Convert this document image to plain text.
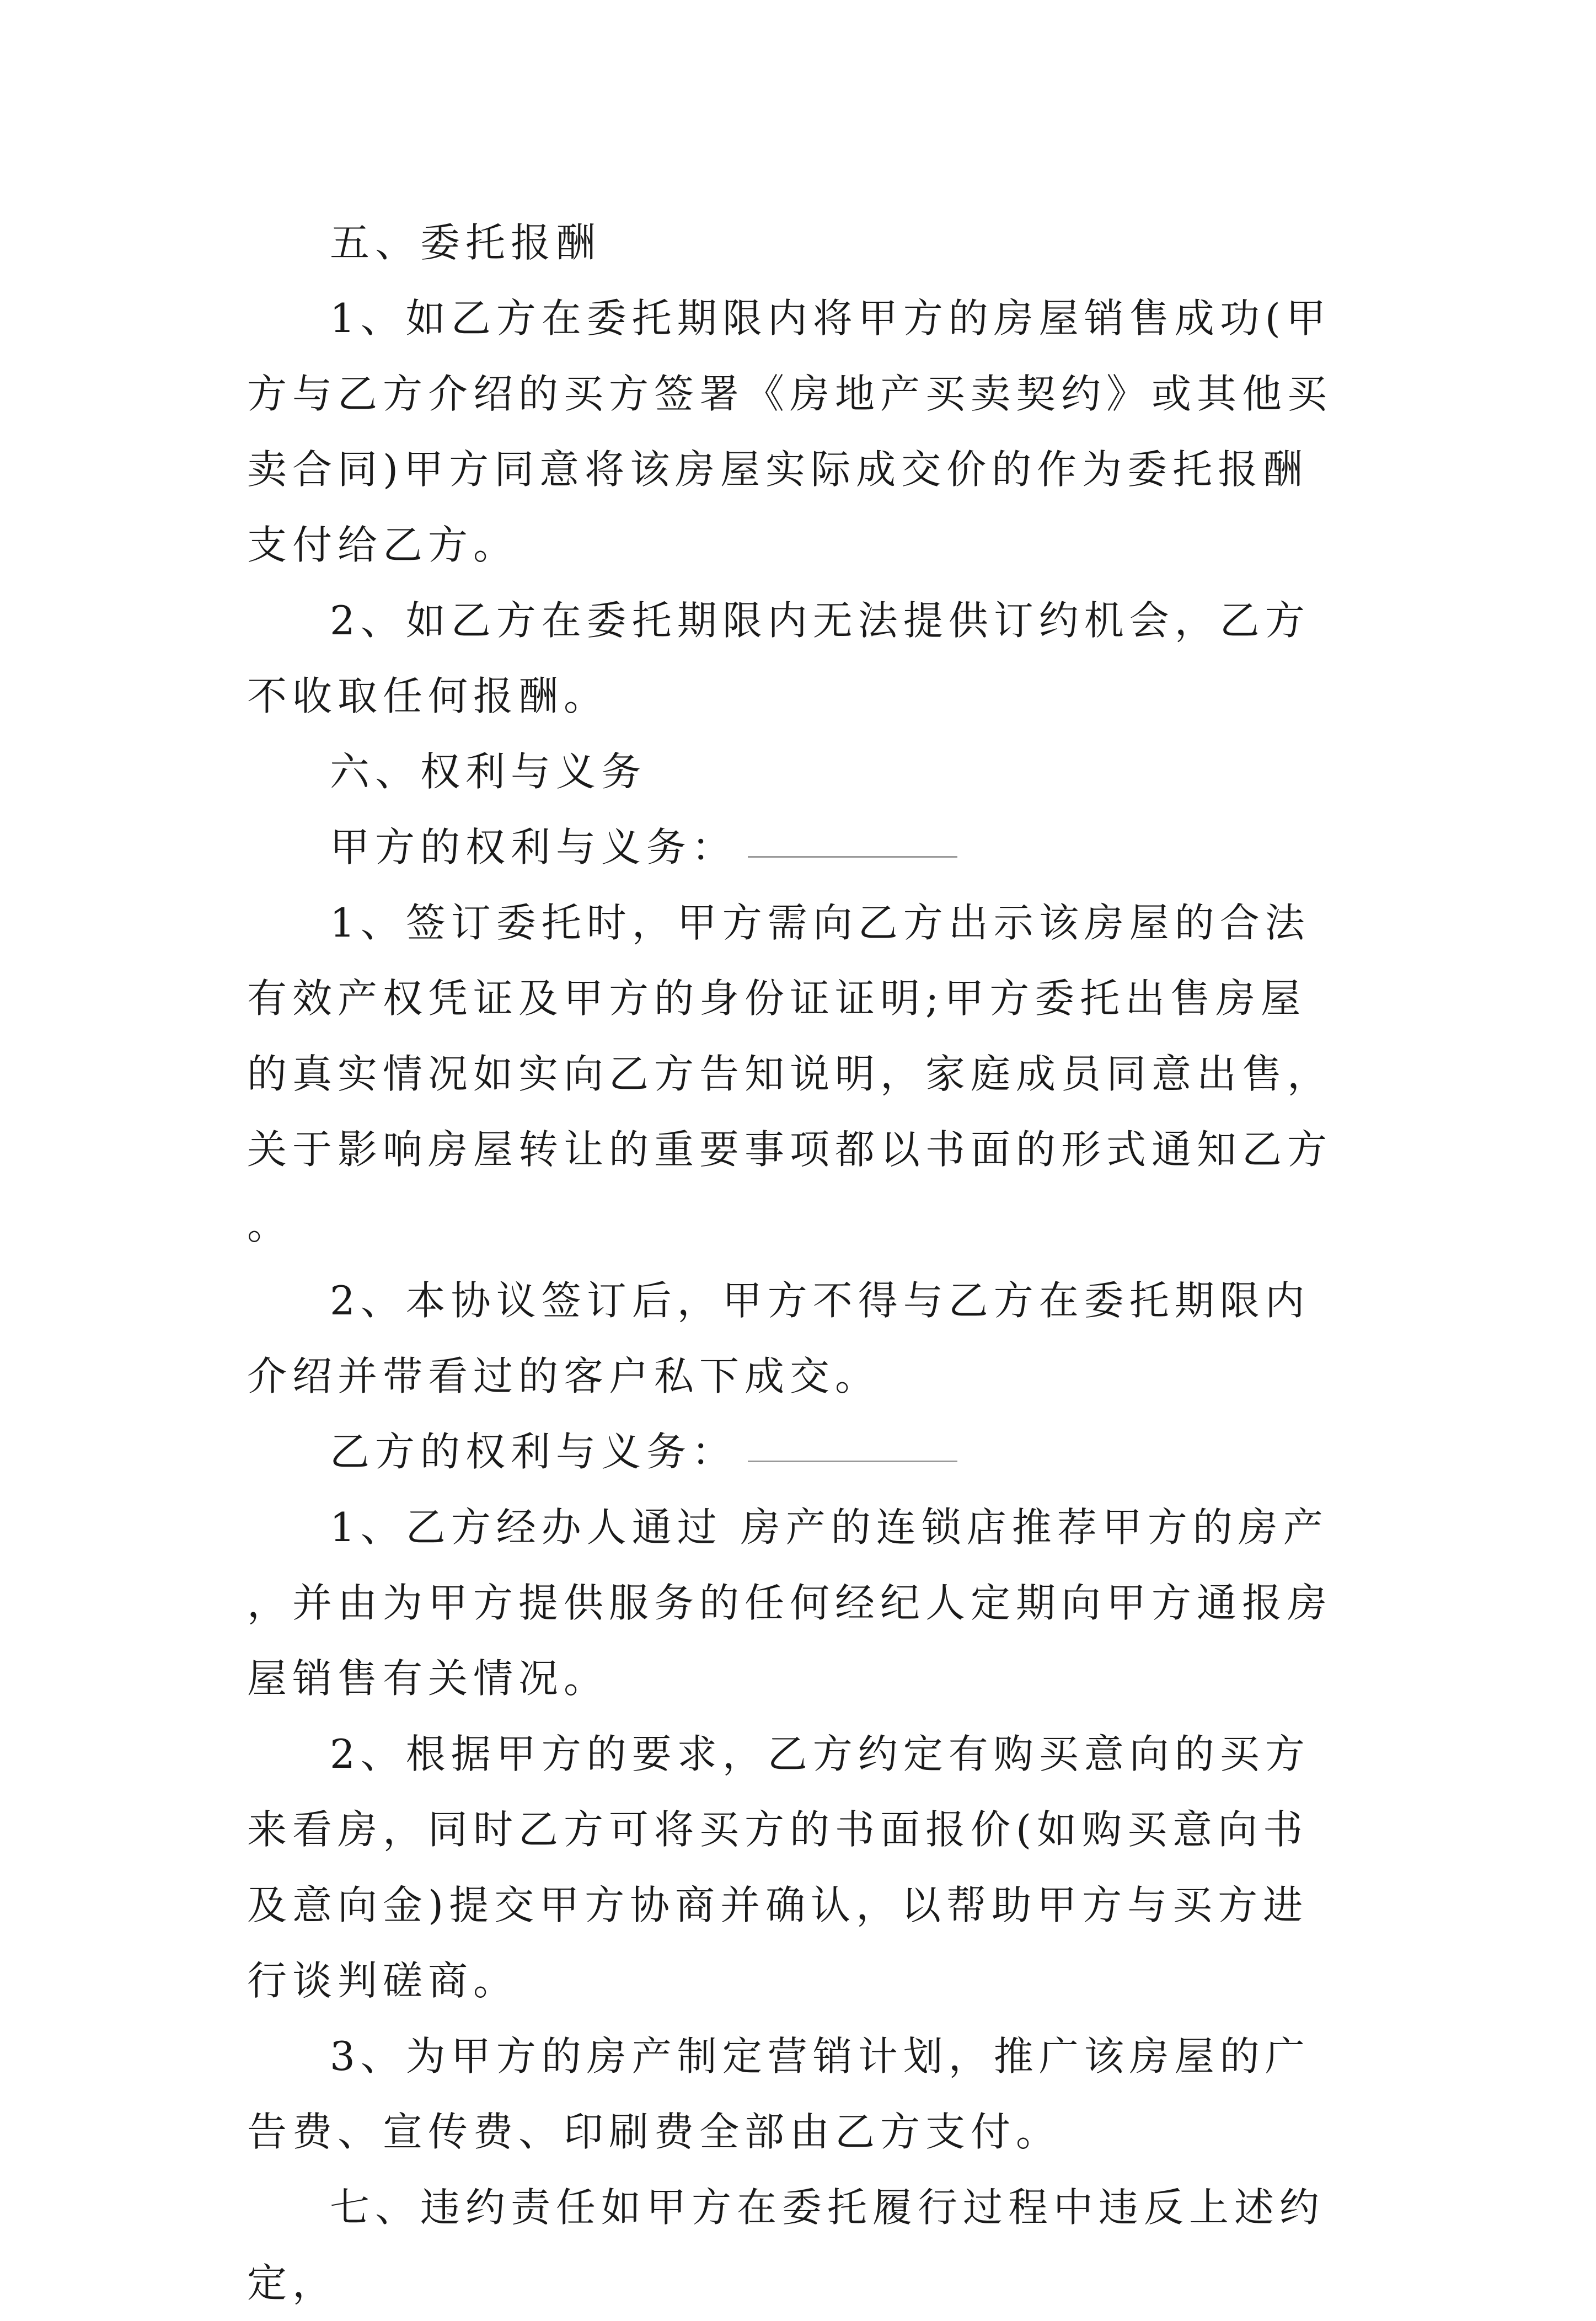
五、委托报酬

1、如乙方在委托期限内将甲方的房屋销售成功(甲方与乙方介绍的买方签署《房地产买卖契约》或其他买卖合同)甲方同意将该房屋实际成交价的作为委托报酬支付给乙方。

2、如乙方在委托期限内无法提供订约机会，乙方不收取任何报酬。

六、权利与义务

甲方的权利与义务：

1、签订委托时，甲方需向乙方出示该房屋的合法有效产权凭证及甲方的身份证证明;甲方委托出售房屋的真实情况如实向乙方告知说明，家庭成员同意出售，关于影响房屋转让的重要事项都以书面的形式通知乙方。

2、本协议签订后，甲方不得与乙方在委托期限内介绍并带看过的客户私下成交。

乙方的权利与义务：

1、乙方经办人通过 房产的连锁店推荐甲方的房产，并由为甲方提供服务的任何经纪人定期向甲方通报房屋销售有关情况。

2、根据甲方的要求，乙方约定有购买意向的买方来看房，同时乙方可将买方的书面报价(如购买意向书及意向金)提交甲方协商并确认，以帮助甲方与买方进行谈判磋商。

3、为甲方的房产制定营销计划，推广该房屋的广告费、宣传费、印刷费全部由乙方支付。

七、违约责任如甲方在委托履行过程中违反上述约定，
